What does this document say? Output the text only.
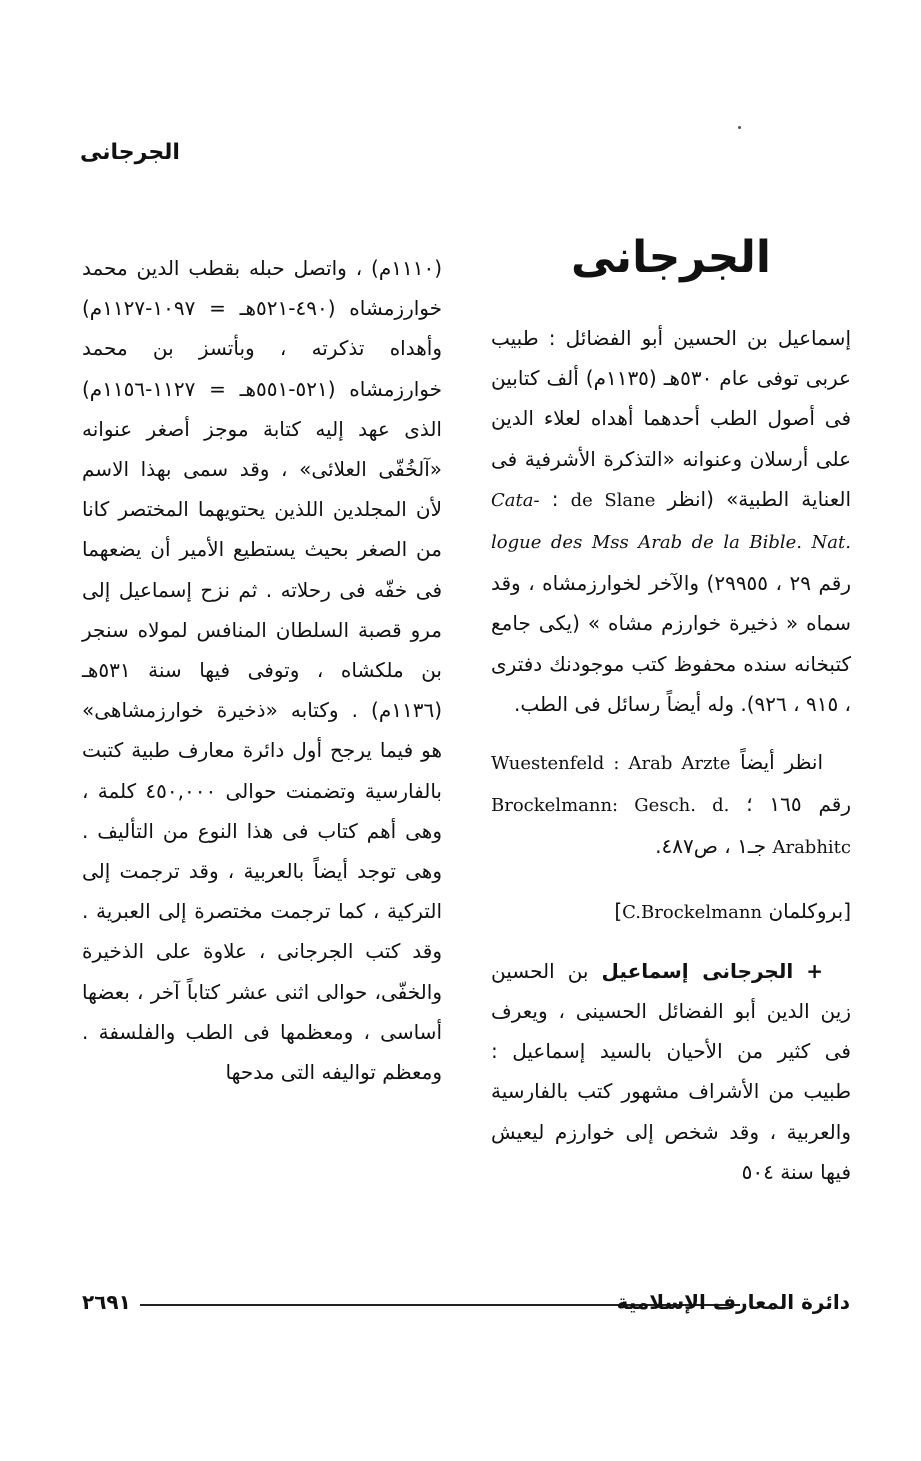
الجرجانى
الجرجانى

إسماعيل بن الحسين أبو الفضائل : طبيب عربى توفى عام ٥٣٠هـ (١١٣٥م) ألف كتابين فى أصول الطب أحدهما أهداه لعلاء الدين على أرسلان وعنوانه «التذكرة الأشرفية فى العناية الطبية» (انظر de Slane : Cata-logue des Mss Arab de la Bible. Nat. رقم ٢٩ ، ٢٩٩٥٥) والآخر لخوارزمشاه ، وقد سماه « ذخيرة خوارزم مشاه » (يكى جامع كتبخانه سنده محفوظ كتب موجودنك دفترى ، ٩١٥ ، ٩٢٦). وله أيضاً رسائل فى الطب.

انظر أيضاً Wuestenfeld : Arab Arzte رقم ١٦٥ ؛ Brockelmann: Gesch. d. Arabhitc جـ١ ، ص٤٨٧.

[بروكلمان C.Brockelmann]

+ الجرجانى إسماعيل بن الحسين زين الدين أبو الفضائل الحسينى ، ويعرف فى كثير من الأحيان بالسيد إسماعيل : طبيب من الأشراف مشهور كتب بالفارسية والعربية ، وقد شخص إلى خوارزم ليعيش فيها سنة ٥٠٤

(١١١٠م) ، واتصل حبله بقطب الدين محمد خوارزمشاه (٤٩٠-٥٢١هـ = ١٠٩٧-١١٢٧م) وأهداه تذكرته ، وبأتسز بن محمد خوارزمشاه (٥٢١-٥٥١هـ = ١١٢٧-١١٥٦م) الذى عهد إليه كتابة موجز أصغر عنوانه «آلخُفّى العلائى» ، وقد سمى بهذا الاسم لأن المجلدين اللذين يحتويهما المختصر كانا من الصغر بحيث يستطيع الأمير أن يضعهما فى خفّه فى رحلاته . ثم نزح إسماعيل إلى مرو قصبة السلطان المنافس لمولاه سنجر بن ملكشاه ، وتوفى فيها سنة ٥٣١هـ (١١٣٦م) . وكتابه «ذخيرة خوارزمشاهى» هو فيما يرجح أول دائرة معارف طبية كتبت بالفارسية وتضمنت حوالى ٤٥٠,٠٠٠ كلمة ، وهى أهم كتاب فى هذا النوع من التأليف . وهى توجد أيضاً بالعربية ، وقد ترجمت إلى التركية ، كما ترجمت مختصرة إلى العبرية . وقد كتب الجرجانى ، علاوة على الذخيرة والخفّى، حوالى اثنى عشر كتاباً آخر ، بعضها أساسى ، ومعظمها فى الطب والفلسفة . ومعظم تواليفه التى مدحها

٢٦٩١	دائرة المعارف الإسلامية
